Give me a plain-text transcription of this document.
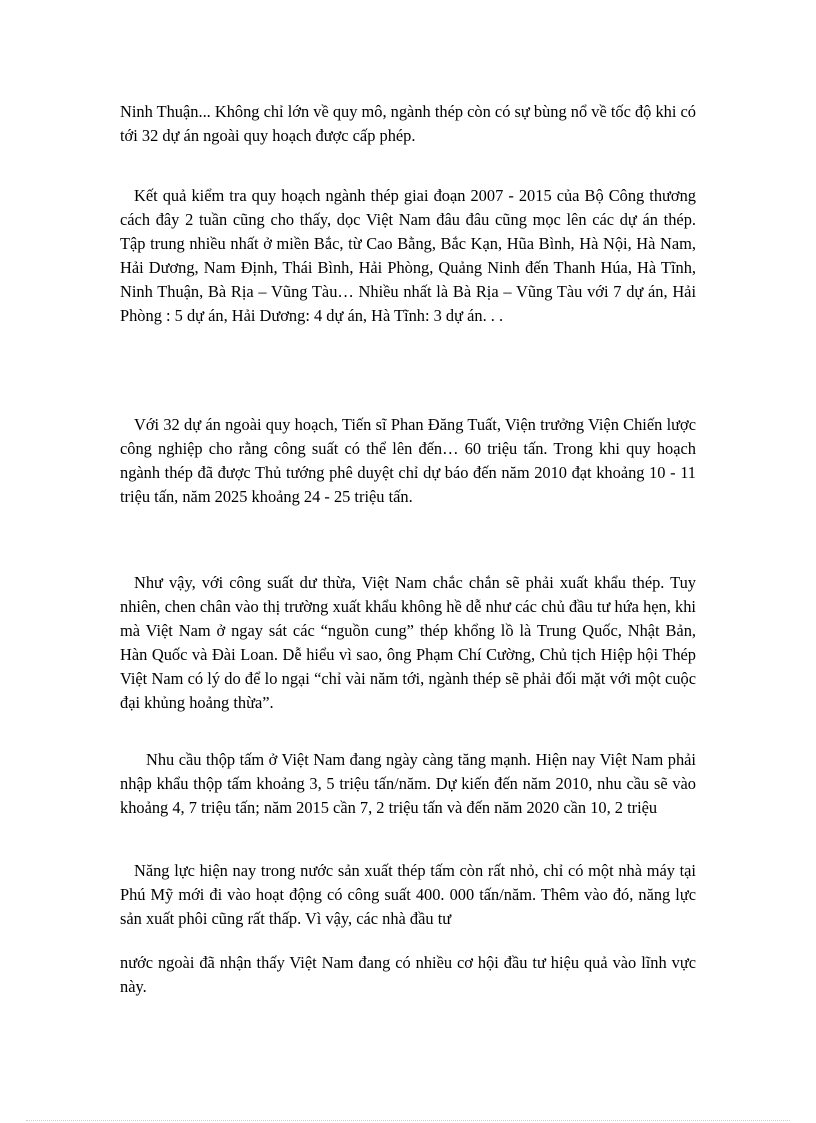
Ninh Thuận... Không chỉ lớn về quy mô, ngành thép còn có sự bùng nổ về tốc độ khi có tới 32 dự án ngoài quy hoạch được cấp phép.

Kết quả kiểm tra quy hoạch ngành thép giai đoạn 2007 - 2015 của Bộ Công thương cách đây 2 tuần cũng cho thấy, dọc Việt Nam đâu đâu cũng mọc lên các dự án thép. Tập trung nhiều nhất ở miền Bắc, từ Cao Bằng, Bắc Kạn, Hũa Bình, Hà Nội, Hà Nam, Hải Dương, Nam Định, Thái Bình, Hải Phòng, Quảng Ninh đến Thanh Húa, Hà Tĩnh, Ninh Thuận, Bà Rịa – Vũng Tàu… Nhiều nhất là Bà Rịa – Vũng Tàu với 7 dự án, Hải Phòng : 5 dự án, Hải Dương: 4 dự án, Hà Tĩnh: 3 dự án. . .

Với 32 dự án ngoài quy hoạch, Tiến sĩ Phan Đăng Tuất, Viện trưởng Viện Chiến lược công nghiệp cho rằng công suất có thể lên đến… 60 triệu tấn. Trong khi quy hoạch ngành thép đã được Thủ tướng phê duyệt chỉ dự báo đến năm 2010 đạt khoảng 10 - 11 triệu tấn, năm 2025 khoảng 24 - 25 triệu tấn.

Như vậy, với công suất dư thừa, Việt Nam chắc chắn sẽ phải xuất khẩu thép. Tuy nhiên, chen chân vào thị trường xuất khẩu không hề dễ như các chủ đầu tư hứa hẹn, khi mà Việt Nam ở ngay sát các “nguồn cung” thép khổng lồ là Trung Quốc, Nhật Bản, Hàn Quốc và Đài Loan. Dễ hiểu vì sao, ông Phạm Chí Cường, Chủ tịch Hiệp hội Thép Việt Nam có lý do để lo ngại “chỉ vài năm tới, ngành thép sẽ phải đối mặt với một cuộc đại khủng hoảng thừa”.

Nhu cầu thộp tấm ở Việt Nam đang ngày càng tăng mạnh. Hiện nay Việt Nam phải nhập khẩu thộp tấm khoảng 3, 5 triệu tấn/năm. Dự kiến đến năm 2010, nhu cầu sẽ vào khoảng 4, 7 triệu tấn; năm 2015 cần 7, 2 triệu tấn và đến năm 2020 cần 10, 2 triệu

Năng lực hiện nay trong nước sản xuất thép tấm còn rất nhỏ, chỉ có một nhà máy tại Phú Mỹ mới đi vào hoạt động có công suất 400. 000 tấn/năm. Thêm vào đó, năng lực sản xuất phôi cũng rất thấp. Vì vậy, các nhà đầu tư

nước ngoài đã nhận thấy Việt Nam đang có nhiều cơ hội đầu tư hiệu quả vào lĩnh vực này.
